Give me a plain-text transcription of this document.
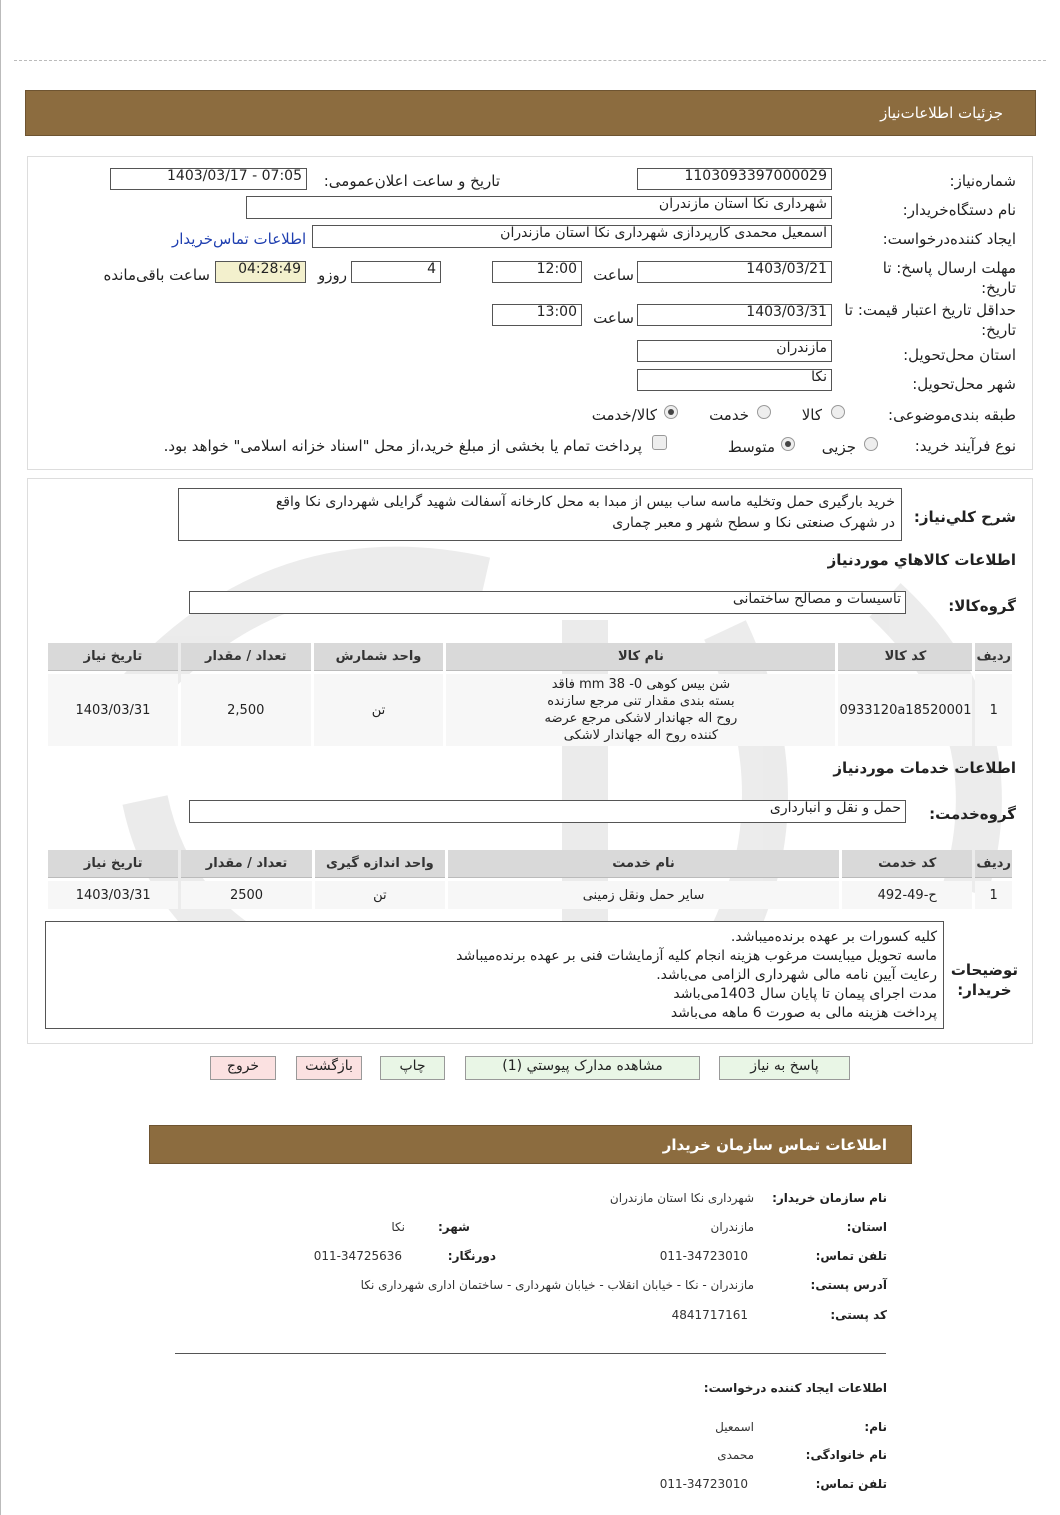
جزئیات اطلاعات‌نیاز
شماره‌نیاز:
1103093397000029
تاریخ و ساعت اعلان‌عمومی:
1403/03/17 - 07:05
نام دستگاه‌خریدار:
شهرداری نکا استان مازندران
ایجاد کننده‌درخواست:
اسمعیل محمدی کارپردازی شهرداری نکا استان مازندران
اطلاعات تماس‌خریدار
مهلت ارسال پاسخ: تا تاریخ:
1403/03/21
ساعت
12:00
4
روزو
04:28:49
ساعت باقی‌مانده
حداقل تاریخ اعتبار قیمت: تا تاریخ:
1403/03/31
ساعت
13:00
استان محل‌تحویل:
مازندران
شهر محل‌تحویل:
نکا
طبقه بندی‌موضوعی:
کالا
خدمت
کالا/خدمت
نوع فرآیند خرید:
جزیی
متوسط
پرداخت تمام یا بخشی از مبلغ خرید،از محل "اسناد خزانه اسلامی" خواهد بود.
شرح کلي‌نیاز:
خرید بارگیری حمل وتخلیه ماسه ساب بیس از مبدا به محل کارخانه آسفالت شهید گرایلی شهرداری نکا واقع
در شهرک صنعتی نکا و سطح شهر و معبر چماری
اطلاعات کالاهاي موردنیاز
گروه‌کالا:
تاسیسات و مصالح ساختمانی
ردیف	کد کالا	نام کالا	واحد شمارش	تعداد / مقدار	تاریخ نیاز
1	0933120a18520001	شن بیس کوهی 0- mm 38 فاقد
بسته بندی مقدار تنی مرجع سازنده
روح اله جهاندار لاشکی مرجع عرضه
کننده روح اله جهاندار لاشکی	تن	2,500	1403/03/31
اطلاعات خدمات موردنیاز
گروه‌خدمت:
حمل و نقل و انبارداری
ردیف	کد خدمت	نام خدمت	واحد اندازه گیری	تعداد / مقدار	تاریخ نیاز
1	ح-49-492	سایر حمل ونقل زمینی	تن	2500	1403/03/31
توضیحات
خریدار:
کلیه کسورات بر عهده برنده‌میباشد.
ماسه تحویل میبایست مرغوب هزینه انجام کلیه آزمایشات فنی بر عهده برنده‌میباشد
رعایت آیین نامه مالی شهرداری الزامی می‌باشد.
مدت اجرای پیمان تا پایان سال 1403می‌باشد
پرداخت هزینه مالی به صورت 6 ماهه می‌باشد
پاسخ به نیاز
مشاهده مدارک پیوستي (1)
چاپ
بازگشت
خروج
اطلاعات تماس سازمان خریدار
نام سازمان خریدار:
شهرداری نکا استان مازندران
استان:
مازندران
شهر:
نکا
تلفن تماس:
011-34723010
دورنگار:
011-34725636
آدرس پستی:
مازندران - نکا - خیابان انقلاب - خیابان شهرداری - ساختمان اداری شهرداری نکا
کد پستی:
4841717161
اطلاعات ایجاد کننده درخواست:
نام:
اسمعیل
نام خانوادگی:
محمدی
تلفن تماس:
011-34723010
